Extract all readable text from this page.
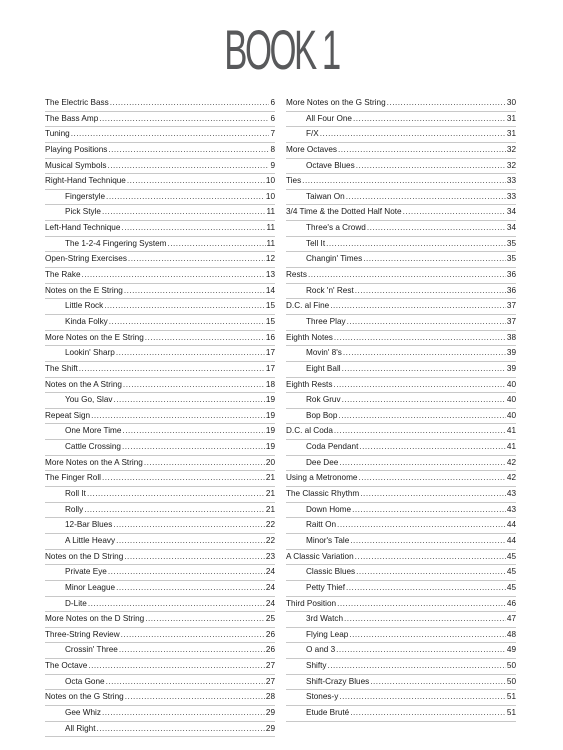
BOOK 1
The Electric Bass .....	6
The Bass Amp .....	6
Tuning .....	7
Playing Positions .....	8
Musical Symbols .....	9
Right-Hand Technique .....	10
Fingerstyle .....	10
Pick Style .....	11
Left-Hand Technique .....	11
The 1-2-4 Fingering System .....	11
Open-String Exercises .....	12
The Rake .....	13
Notes on the E String .....	14
Little Rock .....	15
Kinda Folky .....	15
More Notes on the E String .....	16
Lookin' Sharp .....	17
The Shift .....	17
Notes on the A String .....	18
You Go, Slav .....	19
Repeat Sign .....	19
One More Time .....	19
Cattle Crossing .....	19
More Notes on the A String .....	20
The Finger Roll .....	21
Roll It .....	21
Rolly .....	21
12-Bar Blues .....	22
A Little Heavy .....	22
Notes on the D String .....	23
Private Eye .....	24
Minor League .....	24
D-Lite .....	24
More Notes on the D String .....	25
Three-String Review .....	26
Crossin' Three .....	26
The Octave .....	27
Octa Gone .....	27
Notes on the G String .....	28
Gee Whiz .....	29
All Right .....	29
More Notes on the G String .....	30
All Four One .....	31
F/X .....	31
More Octaves .....	32
Octave Blues .....	32
Ties .....	33
Taiwan On .....	33
3/4 Time & the Dotted Half Note .....	34
Three's a Crowd .....	34
Tell It .....	35
Changin' Times .....	35
Rests .....	36
Rock 'n' Rest .....	36
D.C. al Fine .....	37
Three Play .....	37
Eighth Notes .....	38
Movin' 8's .....	39
Eight Ball .....	39
Eighth Rests .....	40
Rok Gruv .....	40
Bop Bop .....	40
D.C. al Coda .....	41
Coda Pendant .....	41
Dee Dee .....	42
Using a Metronome .....	42
The Classic Rhythm .....	43
Down Home .....	43
Raitt On .....	44
Minor's Tale .....	44
A Classic Variation .....	45
Classic Blues .....	45
Petty Thief .....	45
Third Position .....	46
3rd Watch .....	47
Flying Leap .....	48
O and 3 .....	49
Shifty .....	50
Shift-Crazy Blues .....	50
Stones-y .....	51
Etude Bruté .....	51
